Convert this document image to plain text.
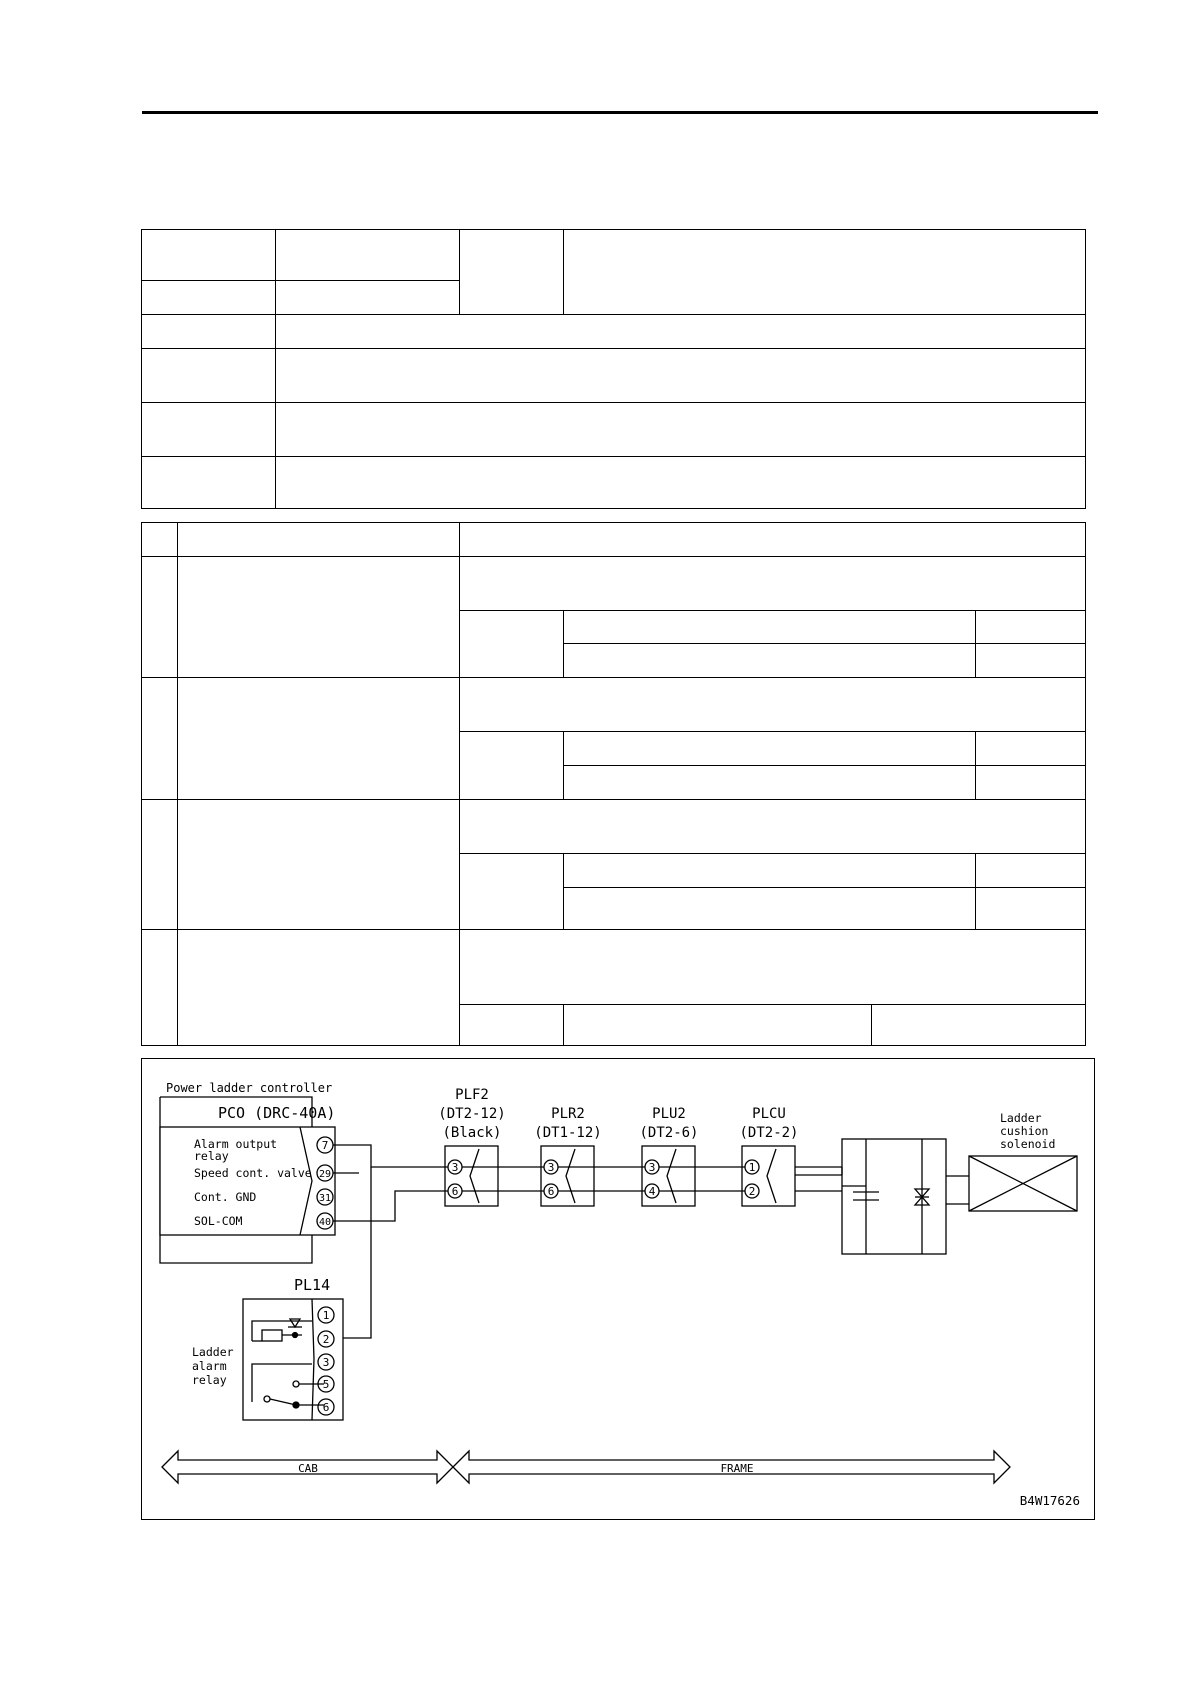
Power ladder controller
PCO (DRC-40A)
Alarm output
relay
Speed cont. valve
Cont. GND
SOL-COM
7
29
31
40
PLF2
(DT2-12)
(Black)
3
6
PLR2
(DT1-12)
3
6
PLU2
(DT2-6)
3
4
PLCU
(DT2-2)
1
2
Ladder
cushion
solenoid
PL14
Ladder
alarm
relay
1
2
3
5
6
CAB	FRAME
B4W17626
